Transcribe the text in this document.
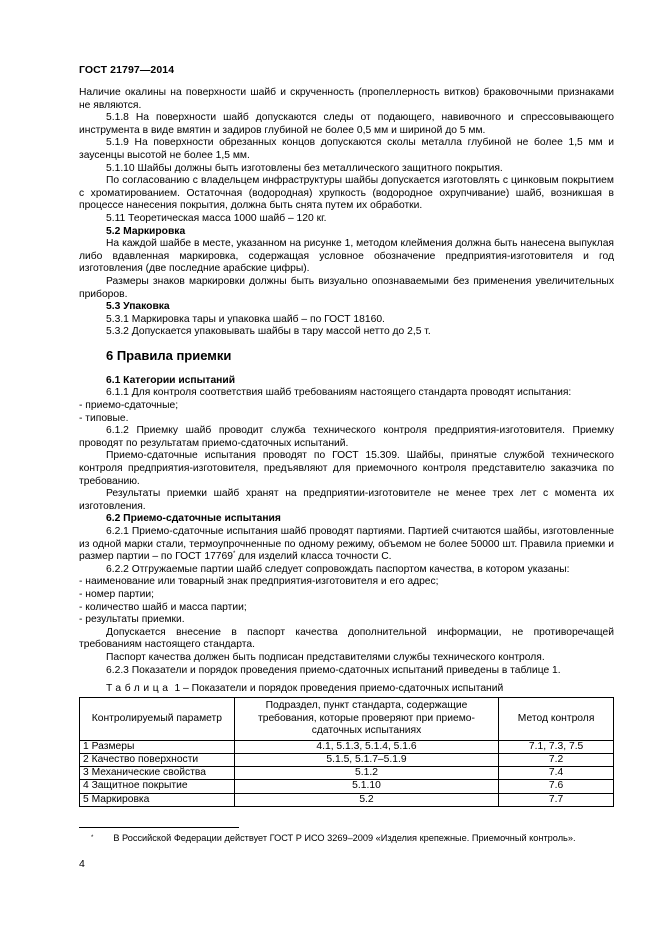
ГОСТ 21797—2014

Наличие окалины на поверхности шайб и скрученность (пропеллерность витков) браковочными признаками не являются.

5.1.8 На поверхности шайб допускаются следы от подающего, навивочного и спрессовывающего инструмента в виде вмятин и задиров глубиной не более 0,5 мм и шириной до 5 мм.

5.1.9 На поверхности обрезанных концов допускаются сколы металла глубиной не более 1,5 мм и заусенцы высотой не более 1,5 мм.

5.1.10 Шайбы должны быть изготовлены без металлического защитного покрытия.

По согласованию с владельцем инфраструктуры шайбы допускается изготовлять с цинковым покрытием с хроматированием. Остаточная (водородная) хрупкость (водородное охрупчивание) шайб, возникшая в процессе нанесения покрытия, должна быть снята путем их обработки.

5.11 Теоретическая масса 1000 шайб – 120 кг.

5.2 Маркировка

На каждой шайбе в месте, указанном на рисунке 1, методом клеймения должна быть нанесена выпуклая либо вдавленная маркировка, содержащая условное обозначение предприятия-изготовителя и год изготовления (две последние арабские цифры).

Размеры знаков маркировки должны быть визуально опознаваемыми без применения увеличительных приборов.

5.3 Упаковка

5.3.1 Маркировка тары и упаковка шайб – по ГОСТ 18160.

5.3.2 Допускается упаковывать шайбы в тару массой нетто до 2,5 т.

6 Правила приемки

6.1 Категории испытаний

6.1.1 Для контроля соответствия шайб требованиям настоящего стандарта проводят испытания:

- приемо-сдаточные;

- типовые.

6.1.2 Приемку шайб проводит служба технического контроля предприятия-изготовителя. Приемку проводят по результатам приемо-сдаточных испытаний.

Приемо-сдаточные испытания проводят по ГОСТ 15.309. Шайбы, принятые службой технического контроля предприятия-изготовителя, предъявляют для приемочного контроля представителю заказчика по требованию.

Результаты приемки шайб хранят на предприятии-изготовителе не менее трех лет с момента их изготовления.

6.2 Приемо-сдаточные испытания

6.2.1 Приемо-сдаточные испытания шайб проводят партиями. Партией считаются шайбы, изготовленные из одной марки стали, термоупрочненные по одному режиму, объемом не более 50000 шт. Правила приемки и размер партии – по ГОСТ 17769* для изделий класса точности С.

6.2.2 Отгружаемые партии шайб следует сопровождать паспортом качества, в котором указаны:

- наименование или товарный знак предприятия-изготовителя и его адрес;

- номер партии;

- количество шайб и масса партии;

- результаты приемки.

Допускается внесение в паспорт качества дополнительной информации, не противоречащей требованиям настоящего стандарта.

Паспорт качества должен быть подписан представителями службы технического контроля.

6.2.3 Показатели и порядок проведения приемо-сдаточных испытаний приведены в таблице 1.

Таблица 1 – Показатели и порядок проведения приемо-сдаточных испытаний

Контролируемый параметр	Подраздел, пункт стандарта, содержащие требования, которые проверяют при приемо-сдаточных испытаниях	Метод контроля
1 Размеры	4.1, 5.1.3, 5.1.4, 5.1.6	7.1, 7.3, 7.5
2 Качество поверхности	5.1.5, 5.1.7–5.1.9	7.2
3 Механические свойства	5.1.2	7.4
4 Защитное покрытие	5.1.10	7.6
5 Маркировка	5.2	7.7
* В Российской Федерации действует ГОСТ Р ИСО 3269–2009 «Изделия крепежные. Приемочный контроль».
4
